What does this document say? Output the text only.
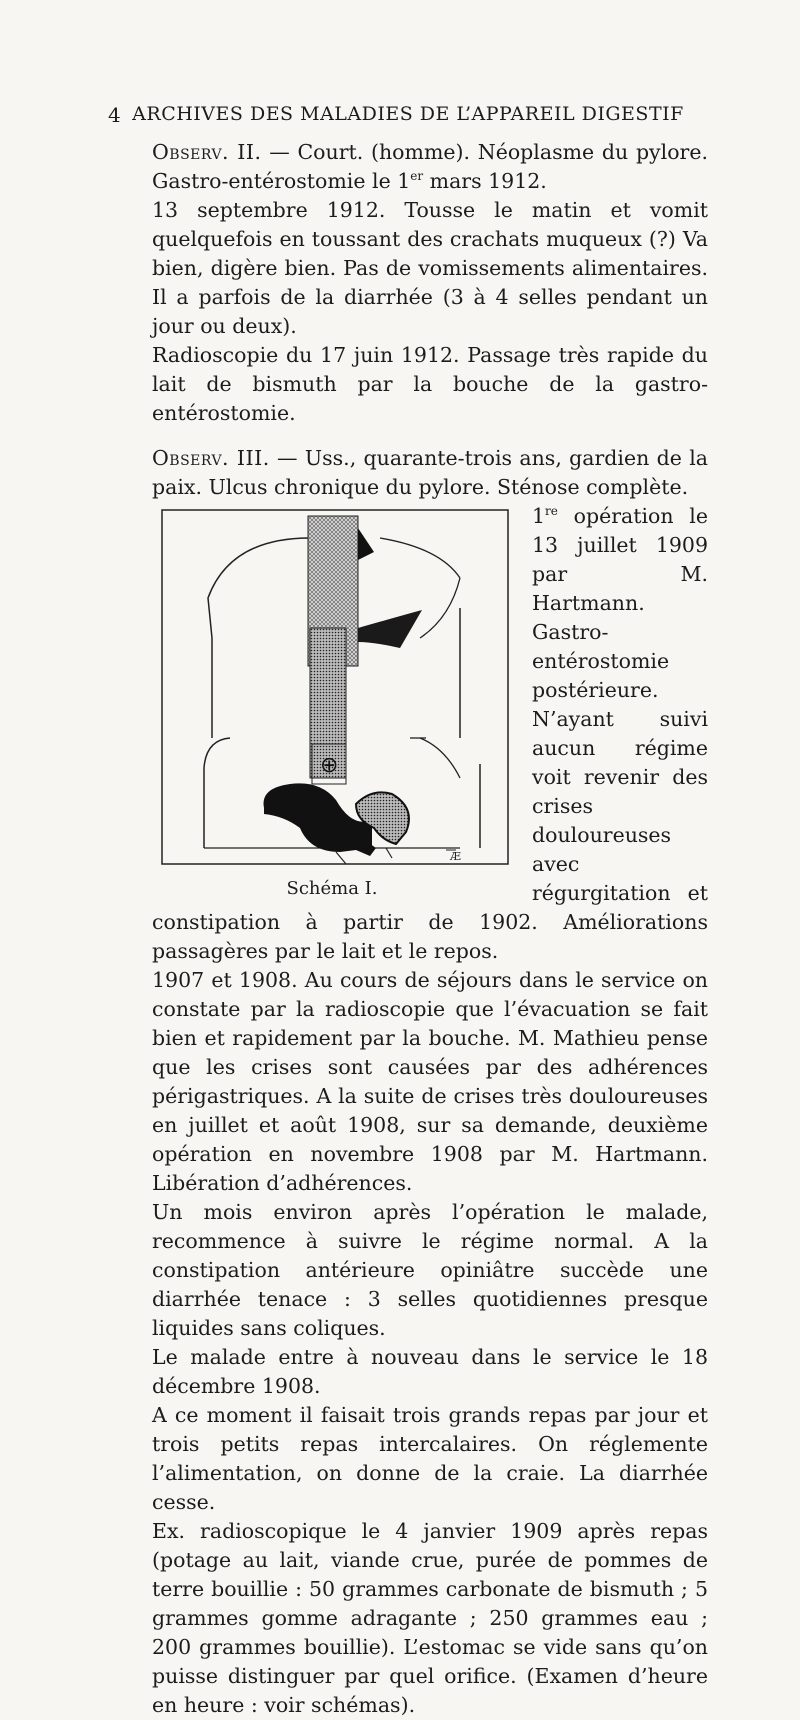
4 ARCHIVES DES MALADIES DE L’APPAREIL DIGESTIF

Observ. II. — Court. (homme). Néoplasme du pylore. Gastro-entérostomie le 1er mars 1912.

13 septembre 1912. Tousse le matin et vomit quelquefois en toussant des crachats muqueux (?) Va bien, digère bien. Pas de vomissements alimentaires. Il a parfois de la diarrhée (3 à 4 selles pendant un jour ou deux).

Radioscopie du 17 juin 1912. Passage très rapide du lait de bismuth par la bouche de la gastro-entérostomie.

Observ. III. — Uss., quarante-trois ans, gardien de la paix. Ulcus chronique du pylore. Sténose complète.

⊕
Æ
Schéma I.

1re opération le 13 juillet 1909 par M. Hartmann. Gastro-entérostomie postérieure. N’ayant suivi aucun régime voit revenir des crises douloureuses avec régurgitation et constipation à partir de 1902. Améliorations passagères par le lait et le repos.

1907 et 1908. Au cours de séjours dans le service on constate par la radioscopie que l’évacuation se fait bien et rapidement par la bouche. M. Mathieu pense que les crises sont causées par des adhérences périgastriques. A la suite de crises très douloureuses en juillet et août 1908, sur sa demande, deuxième opération en novembre 1908 par M. Hartmann. Libération d’adhérences.

Un mois environ après l’opération le malade, recommence à suivre le régime normal. A la constipation antérieure opiniâtre succède une diarrhée tenace : 3 selles quotidiennes presque liquides sans coliques.

Le malade entre à nouveau dans le service le 18 décembre 1908.

A ce moment il faisait trois grands repas par jour et trois petits repas intercalaires. On réglemente l’alimentation, on donne de la craie. La diarrhée cesse.

Ex. radioscopique le 4 janvier 1909 après repas (potage au lait, viande crue, purée de pommes de terre bouillie : 50 grammes carbonate de bismuth ; 5 grammes gomme adragante ; 250 grammes eau ; 200 grammes bouillie). L’estomac se vide sans qu’on puisse distinguer par quel orifice. (Examen d’heure en heure : voir schémas).
